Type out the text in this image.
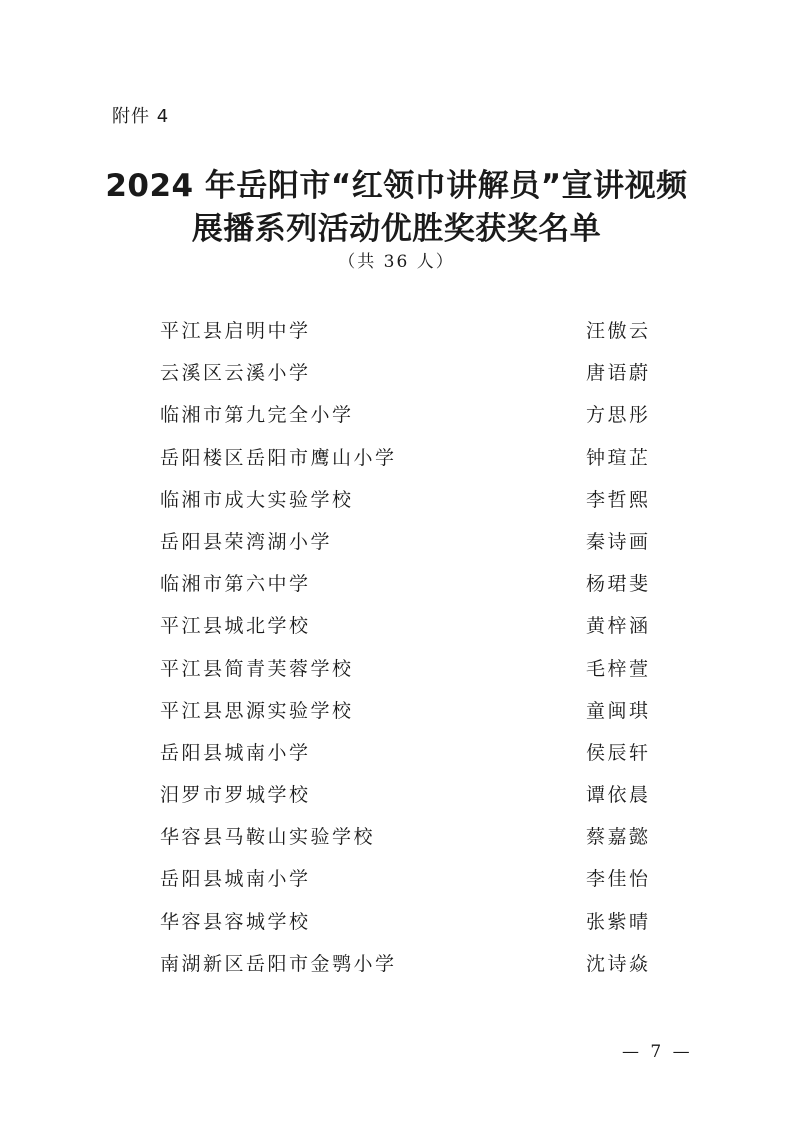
附件 4
2024 年岳阳市“红领巾讲解员”宣讲视频
展播系列活动优胜奖获奖名单
（共 36 人）
平江县启明中学	汪傲云
云溪区云溪小学	唐语蔚
临湘市第九完全小学	方思彤
岳阳楼区岳阳市鹰山小学	钟瑄芷
临湘市成大实验学校	李哲熙
岳阳县荣湾湖小学	秦诗画
临湘市第六中学	杨珺斐
平江县城北学校	黄梓涵
平江县简青芙蓉学校	毛梓萱
平江县思源实验学校	童闽琪
岳阳县城南小学	侯辰轩
汨罗市罗城学校	谭依晨
华容县马鞍山实验学校	蔡嘉懿
岳阳县城南小学	李佳怡
华容县容城学校	张紫晴
南湖新区岳阳市金鹗小学	沈诗焱
— 7 —
